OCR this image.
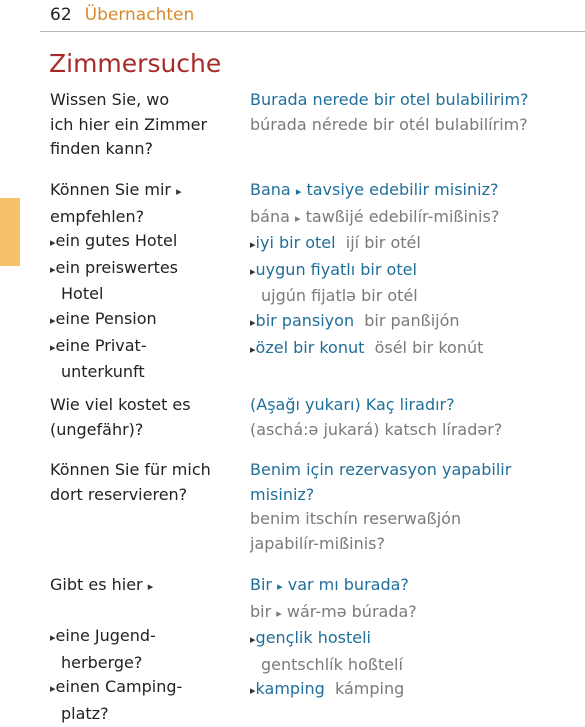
62 Übernachten
Zimmersuche
Wissen Sie, wo
ich hier ein Zimmer
finden kann?
Burada nerede bir otel bulabilirim?
búrada nérede bir otél bulabilírim?
Können Sie mir ▸
empfehlen?
▸ein gutes Hotel
▸ein preiswertes
Hotel
▸eine Pension
▸eine Privat-
unterkunft
Bana ▸ tavsiye edebilir misiniz?
bána ▸ tawßijé edebilír-mißinis?
▸iyi bir otel ijí bir otél
▸uygun fiyatlı bir otel
ujgún fijatlə bir otél
▸bir pansiyon bir panßijón
▸özel bir konut ösél bir konút
Wie viel kostet es
(ungefähr)?
(Aşağı yukarı) Kaç liradır?
(aschá:ə jukará) katsch líradər?
Können Sie für mich
dort reservieren?
Benim için rezervasyon yapabilir
misiniz?
benim itschín reserwaßjón
japabilír-mißinis?
Gibt es hier ▸

▸eine Jugend-
herberge?
▸einen Camping-
platz?
Bir ▸ var mı burada?
bir ▸ wár-mə búrada?
▸gençlik hosteli
gentschlík hoßtelí
▸kamping kámping
